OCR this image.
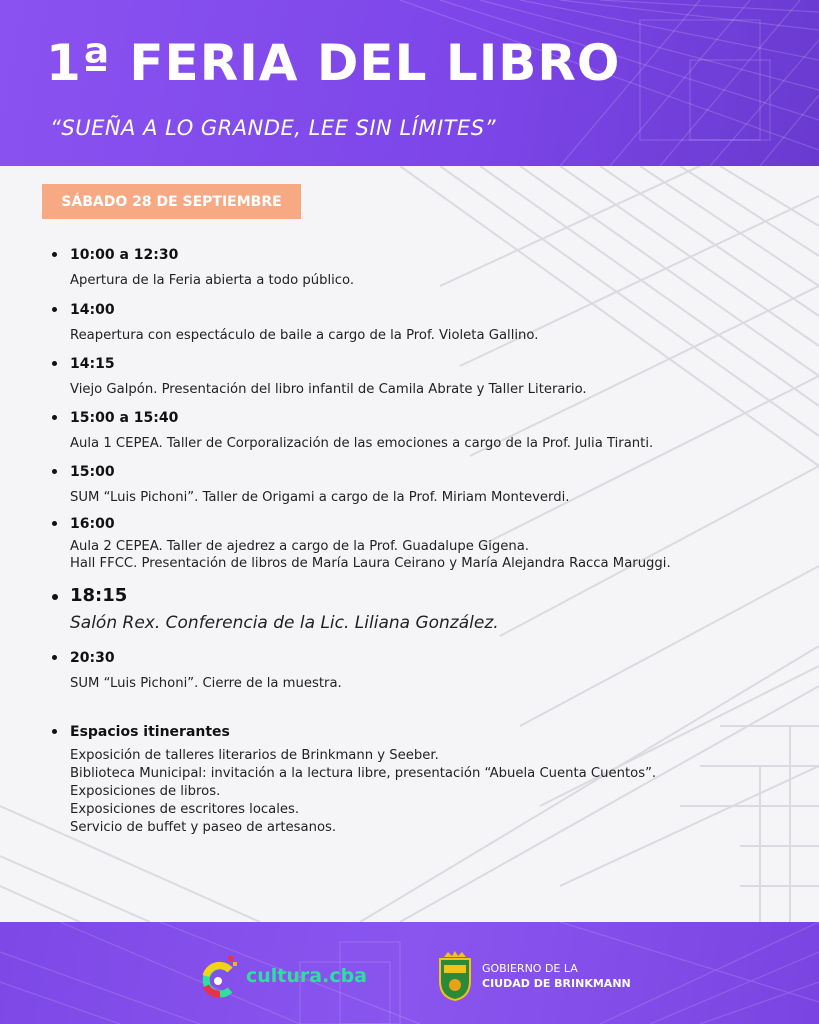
1ª FERIA DEL LIBRO

“SUEÑA A LO GRANDE, LEE SIN LÍMITES”

SÁBADO 28 DE SEPTIEMBRE
10:00 a 12:30
Apertura de la Feria abierta a todo público.
14:00
Reapertura con espectáculo de baile a cargo de la Prof. Violeta Gallino.
14:15
Viejo Galpón. Presentación del libro infantil de Camila Abrate y Taller Literario.
15:00 a 15:40
Aula 1 CEPEA. Taller de Corporalización de las emociones a cargo de la Prof. Julia Tiranti.
15:00
SUM “Luis Pichoni”. Taller de Origami a cargo de la Prof. Miriam Monteverdi.
16:00
Aula 2 CEPEA. Taller de ajedrez a cargo de la Prof. Guadalupe Gigena.
Hall FFCC. Presentación de libros de María Laura Ceirano y María Alejandra Racca Maruggi.
18:15
Salón Rex. Conferencia de la Lic. Liliana González.
20:30
SUM “Luis Pichoni”. Cierre de la muestra.
Espacios itinerantes
Exposición de talleres literarios de Brinkmann y Seeber.
Biblioteca Municipal: invitación a la lectura libre, presentación “Abuela Cuenta Cuentos”.
Exposiciones de libros.
Exposiciones de escritores locales.
Servicio de buffet y paseo de artesanos.
cultura.cba	GOBIERNO DE LA
CIUDAD DE BRINKMANN
